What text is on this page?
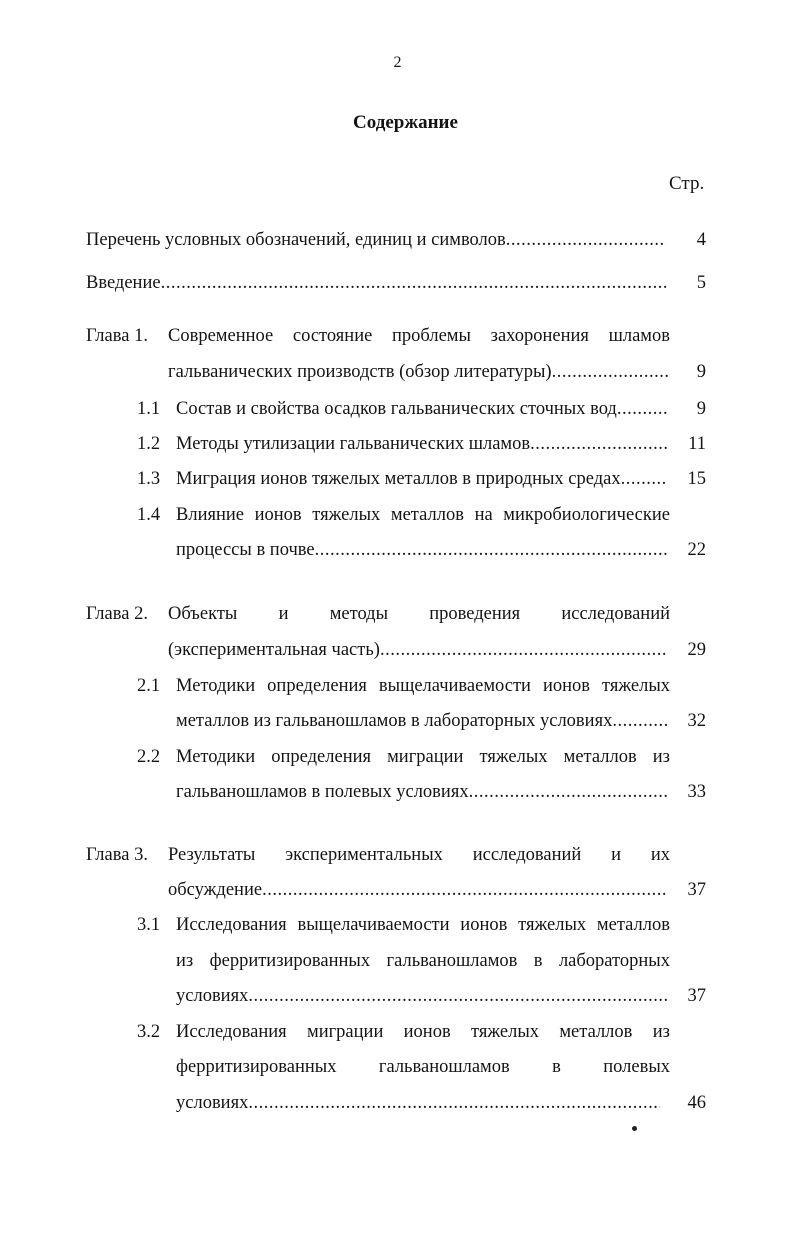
2
Содержание
Стр.
Перечень условных обозначений, единиц и символов .....	4
Введение .....	5
Глава 1. Современное состояние проблемы захоронения шламов
гальванических производств (обзор литературы) .....	9
1.1 Состав и свойства осадков гальванических сточных вод .....	9
1.2 Методы утилизации гальванических шламов .....	11
1.3 Миграция ионов тяжелых металлов в природных средах .....	15
1.4 Влияние ионов тяжелых металлов на микробиологические
процессы в почве .....	22
Глава 2. Объекты и методы проведения исследований
(экспериментальная часть) .....	29
2.1 Методики определения выщелачиваемости ионов тяжелых
металлов из гальваношламов в лабораторных условиях .....	32
2.2 Методики определения миграции тяжелых металлов из
гальваношламов в полевых условиях .....	33
Глава 3. Результаты экспериментальных исследований и их
обсуждение .....	37
3.1 Исследования выщелачиваемости ионов тяжелых металлов
из ферритизированных гальваношламов в лабораторных
условиях .....	37
3.2 Исследования миграции ионов тяжелых металлов из
ферритизированных гальваношламов в полевых
условиях .....	46
